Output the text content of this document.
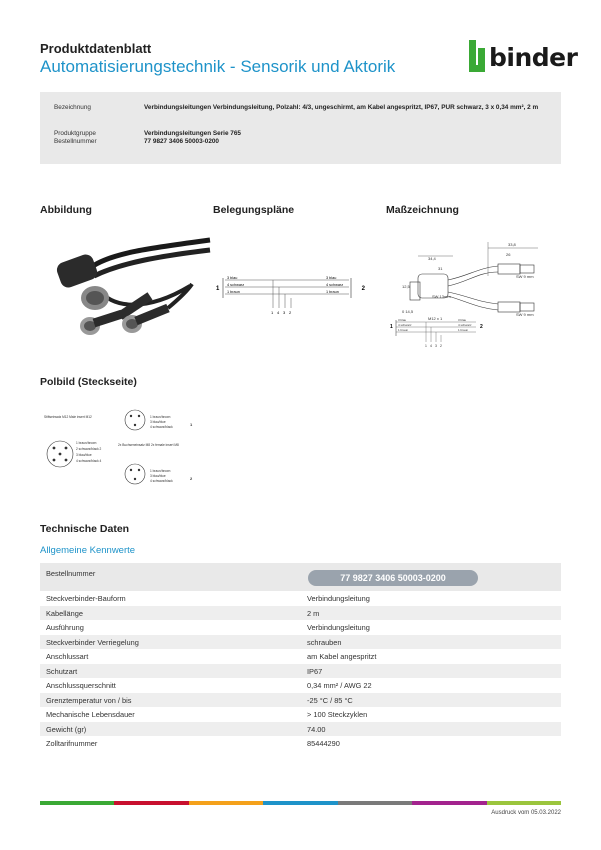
Produktdatenblatt
Automatisierungstechnik - Sensorik und Aktorik	binder
Bezeichnung	Verbindungsleitungen Verbindungsleitung, Polzahl: 4/3, ungeschirmt, am Kabel angespritzt, IP67, PUR schwarz, 3 x 0,34 mm², 2 m
Produktgruppe	Verbindungsleitungen Serie 765
Bestellnummer	77 9827 3406 50003-0200
Abbildung	Belegungspläne	Maßzeichnung
1	2
3 blau
4 schwarz
1 braun
3 blau
4 schwarz
1 braun
1 4 3 2
34,4
33,8
26
31
12,5
0 14,5
SW 13mm
SW 9 mm
SW 9 mm
M12 x 1
1	2
3 blau
4 schwarz
1 braun
3 blau
4 schwarz
1 braun
1 4 3 2
Polbild (Steckseite)
Stiftseinsatz M12 Male insert M12
1 braun/brown
2 schwarz/black 2
3 blau/blue
4 schwarz/black 4
1 braun/brown
3 blau/blue
4 schwarz/black
2x Buchseneinsatz M8 2x female insert M8
1
1 braun/brown
3 blau/blue
4 schwarz/black	2
Technische Daten
Allgemeine Kennwerte
Bestellnummer	77 9827 3406 50003-0200
Steckverbinder-Bauform	Verbindungsleitung
Kabellänge	2 m
Ausführung	Verbindungsleitung
Steckverbinder Verriegelung	schrauben
Anschlussart	am Kabel angespritzt
Schutzart	IP67
Anschlussquerschnitt	0,34 mm² / AWG 22
Grenztemperatur von / bis	-25 °C / 85 °C
Mechanische Lebensdauer	> 100 Steckzyklen
Gewicht (gr)	74.00
Zolltarifnummer	85444290
Ausdruck vom 05.03.2022
